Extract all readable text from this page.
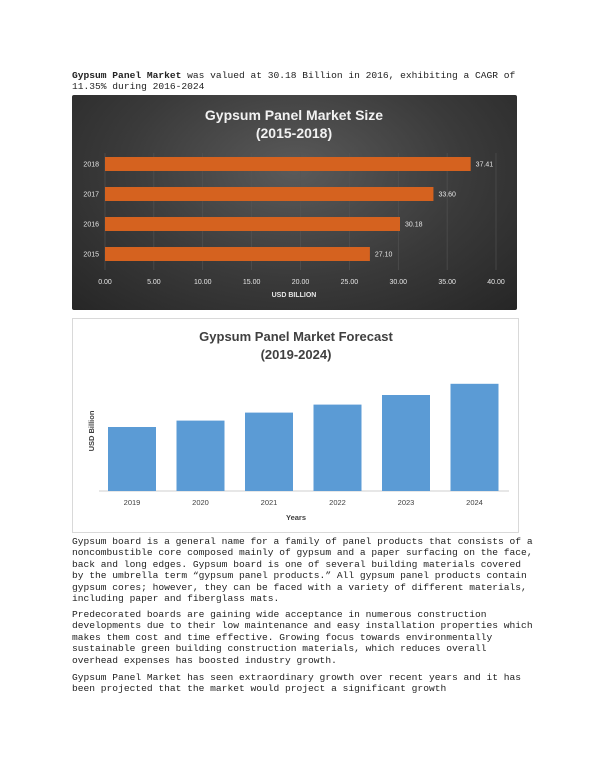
Gypsum Panel Market was valued at 30.18 Billion in 2016, exhibiting a CAGR of 11.35% during 2016-2024

Gypsum Panel Market Size
(2015-2018)
0.00	5.00	10.00	15.00	20.00	25.00	30.00	35.00	40.00
2018	37.41
2017	33.60
2016	30.18
2015	27.10
USD BILLION
Gypsum Panel Market Forecast
(2019-2024)
USD Billion
2019	2020	2021	2022	2023	2024
Years

Gypsum board is a general name for a family of panel products that consists of a noncombustible core composed mainly of gypsum and a paper surfacing on the face, back and long edges. Gypsum board is one of several building materials covered by the umbrella term “gypsum panel products.” All gypsum panel products contain gypsum cores; however, they can be faced with a variety of different materials, including paper and fiberglass mats.

Predecorated boards are gaining wide acceptance in numerous construction developments due to their low maintenance and easy installation properties which makes them cost and time effective. Growing focus towards environmentally sustainable green building construction materials, which reduces overall overhead expenses has boosted industry growth.

Gypsum Panel Market has seen extraordinary growth over recent years and it has been projected that the market would project a significant growth
